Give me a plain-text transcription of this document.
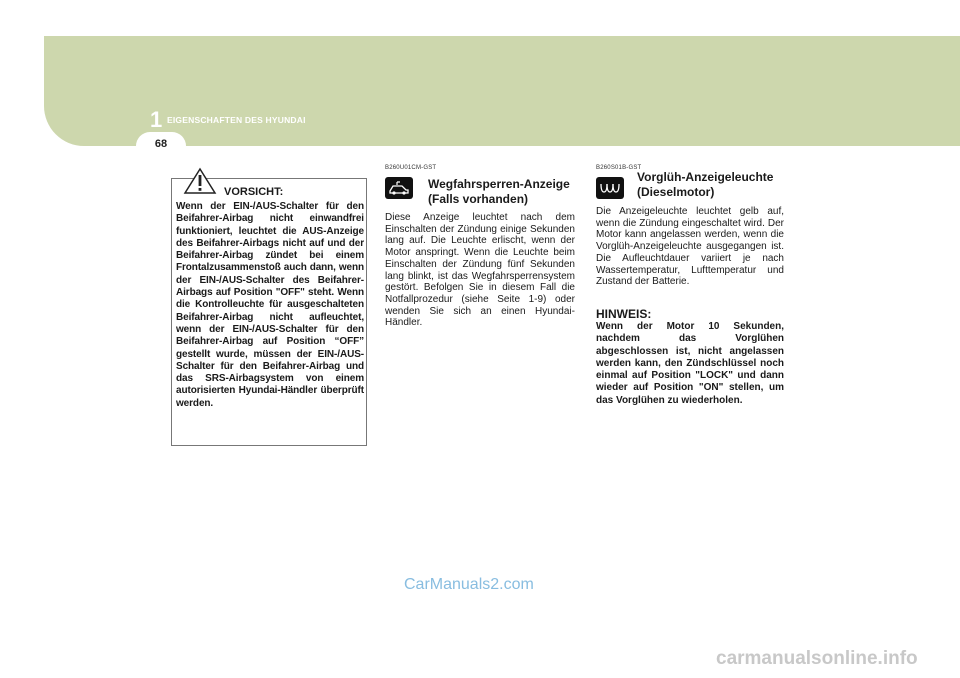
1 EIGENSCHAFTEN DES HYUNDAI
68
VORSICHT:
Wenn der EIN-/AUS-Schalter für den Beifahrer-Airbag nicht einwandfrei funktioniert, leuchtet die AUS-Anzeige des Beifahrer-Airbags nicht auf und der Beifahrer-Airbag zündet bei einem Frontalzusammenstoß auch dann, wenn der EIN-/AUS-Schalter des Beifahrer-Airbags auf Position "OFF" steht. Wenn die Kontrolleuchte für ausgeschalteten Beifahrer-Airbag nicht aufleuchtet, wenn der EIN-/AUS-Schalter für den Beifahrer-Airbag auf Position “OFF” gestellt wurde, müssen der EIN-/AUS-Schalter für den Beifahrer-Airbag und das SRS-Airbagsystem von einem autorisierten Hyundai-Händler überprüft werden.
B260U01CM-GST
Wegfahrsperren-Anzeige
(Falls vorhanden)
Diese Anzeige leuchtet nach dem Einschalten der Zündung einige Sekunden lang auf. Die Leuchte erlischt, wenn der Motor anspringt. Wenn die Leuchte beim Einschalten der Zündung fünf Sekunden lang blinkt, ist das Wegfahrsperrensystem gestört. Befolgen Sie in diesem Fall die Notfallprozedur (siehe Seite 1-9) oder wenden Sie sich an einen Hyundai-Händler.
B260S01B-GST
Vorglüh-Anzeigeleuchte
(Dieselmotor)
Die Anzeigeleuchte leuchtet gelb auf, wenn die Zündung eingeschaltet wird. Der Motor kann angelassen werden, wenn die Vorglüh-Anzeigeleuchte ausgegangen ist. Die Aufleuchtdauer variiert je nach Wassertemperatur, Lufttemperatur und Zustand der Batterie.
HINWEIS:
Wenn der Motor 10 Sekunden, nachdem das Vorglühen abgeschlossen ist, nicht angelassen werden kann, den Zündschlüssel noch einmal auf Position "LOCK" und dann wieder auf Position "ON" stellen, um das Vorglühen zu wiederholen.
CarManuals2.com
carmanualsonline.info
